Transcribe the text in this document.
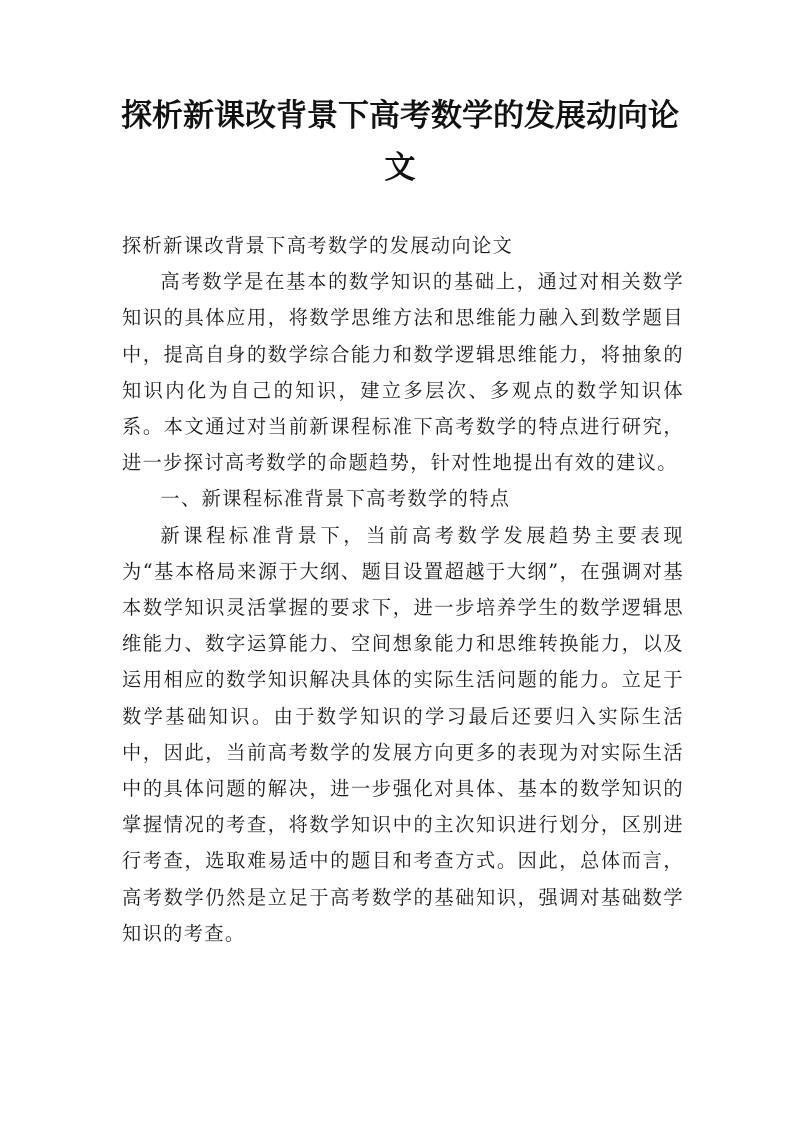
探析新课改背景下高考数学的发展动向论文

探析新课改背景下高考数学的发展动向论文

高考数学是在基本的数学知识的基础上，通过对相关数学知识的具体应用，将数学思维方法和思维能力融入到数学题目中，提高自身的数学综合能力和数学逻辑思维能力，将抽象的知识内化为自己的知识，建立多层次、多观点的数学知识体系。本文通过对当前新课程标准下高考数学的特点进行研究，进一步探讨高考数学的命题趋势，针对性地提出有效的建议。

一、新课程标准背景下高考数学的特点

新课程标准背景下，当前高考数学发展趋势主要表现为“基本格局来源于大纲、题目设置超越于大纲”，在强调对基本数学知识灵活掌握的要求下，进一步培养学生的数学逻辑思维能力、数字运算能力、空间想象能力和思维转换能力，以及运用相应的数学知识解决具体的实际生活问题的能力。立足于数学基础知识。由于数学知识的学习最后还要归入实际生活中，因此，当前高考数学的发展方向更多的表现为对实际生活中的具体问题的解决，进一步强化对具体、基本的数学知识的掌握情况的考查，将数学知识中的主次知识进行划分，区别进行考查，选取难易适中的题目和考查方式。因此，总体而言，高考数学仍然是立足于高考数学的基础知识，强调对基础数学知识的考查。
